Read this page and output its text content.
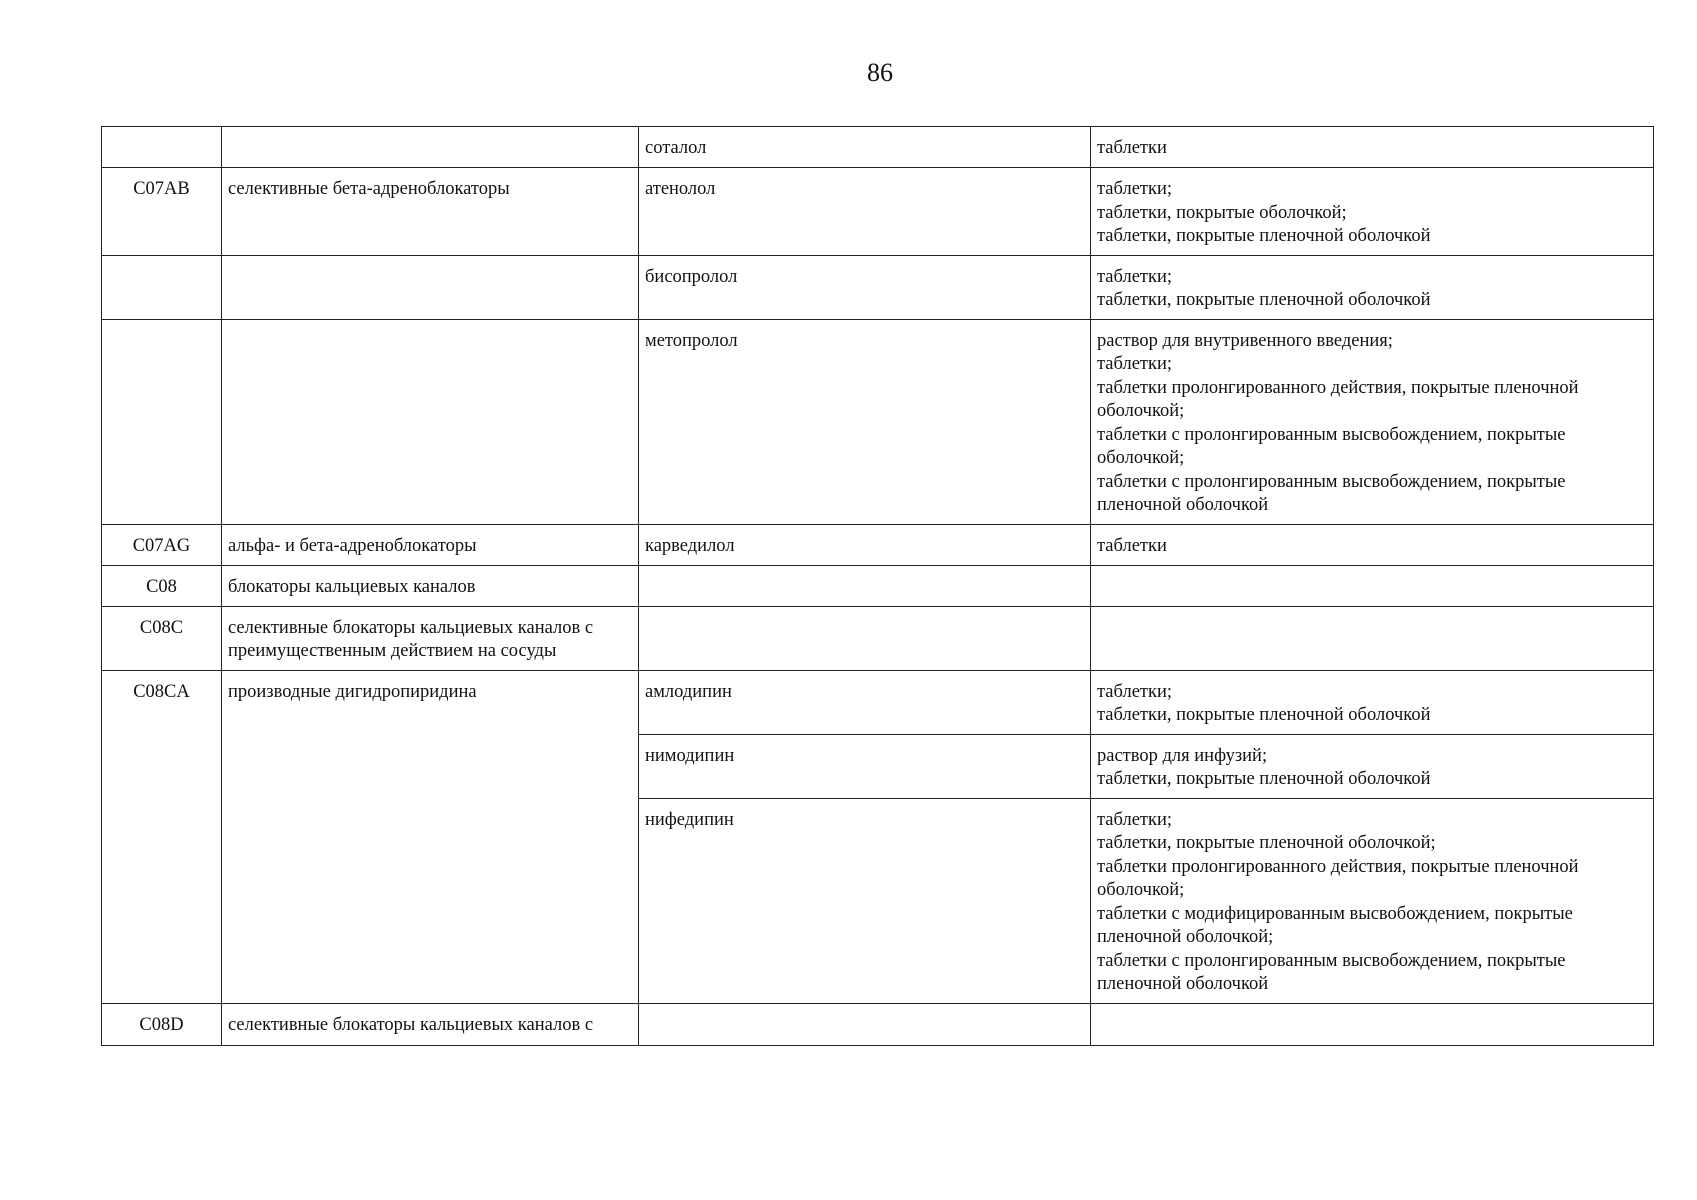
86
		соталол	таблетки

C07AB	селективные бета-адреноблокаторы	атенолол	таблетки;
таблетки, покрытые оболочкой;
таблетки, покрытые пленочной оболочкой

		бисопролол	таблетки;
таблетки, покрытые пленочной оболочкой

		метопролол	раствор для внутривенного введения;
таблетки;
таблетки пролонгированного действия, покрытые пленочной оболочкой;
таблетки с пролонгированным высвобождением, покрытые оболочкой;
таблетки с пролонгированным высвобождением, покрытые пленочной оболочкой

C07AG	альфа- и бета-адреноблокаторы	карведилол	таблетки

C08	блокаторы кальциевых каналов		
C08C	селективные блокаторы кальциевых каналов с преимущественным действием на сосуды		
C08CA	производные дигидропиридина	амлодипин	таблетки;
таблетки, покрытые пленочной оболочкой

		нимодипин	раствор для инфузий;
таблетки, покрытые пленочной оболочкой

		нифедипин	таблетки;
таблетки, покрытые пленочной оболочкой;
таблетки пролонгированного действия, покрытые пленочной оболочкой;
таблетки с модифицированным высвобождением, покрытые пленочной оболочкой;
таблетки с пролонгированным высвобождением, покрытые пленочной оболочкой

C08D	селективные блокаторы кальциевых каналов с		
